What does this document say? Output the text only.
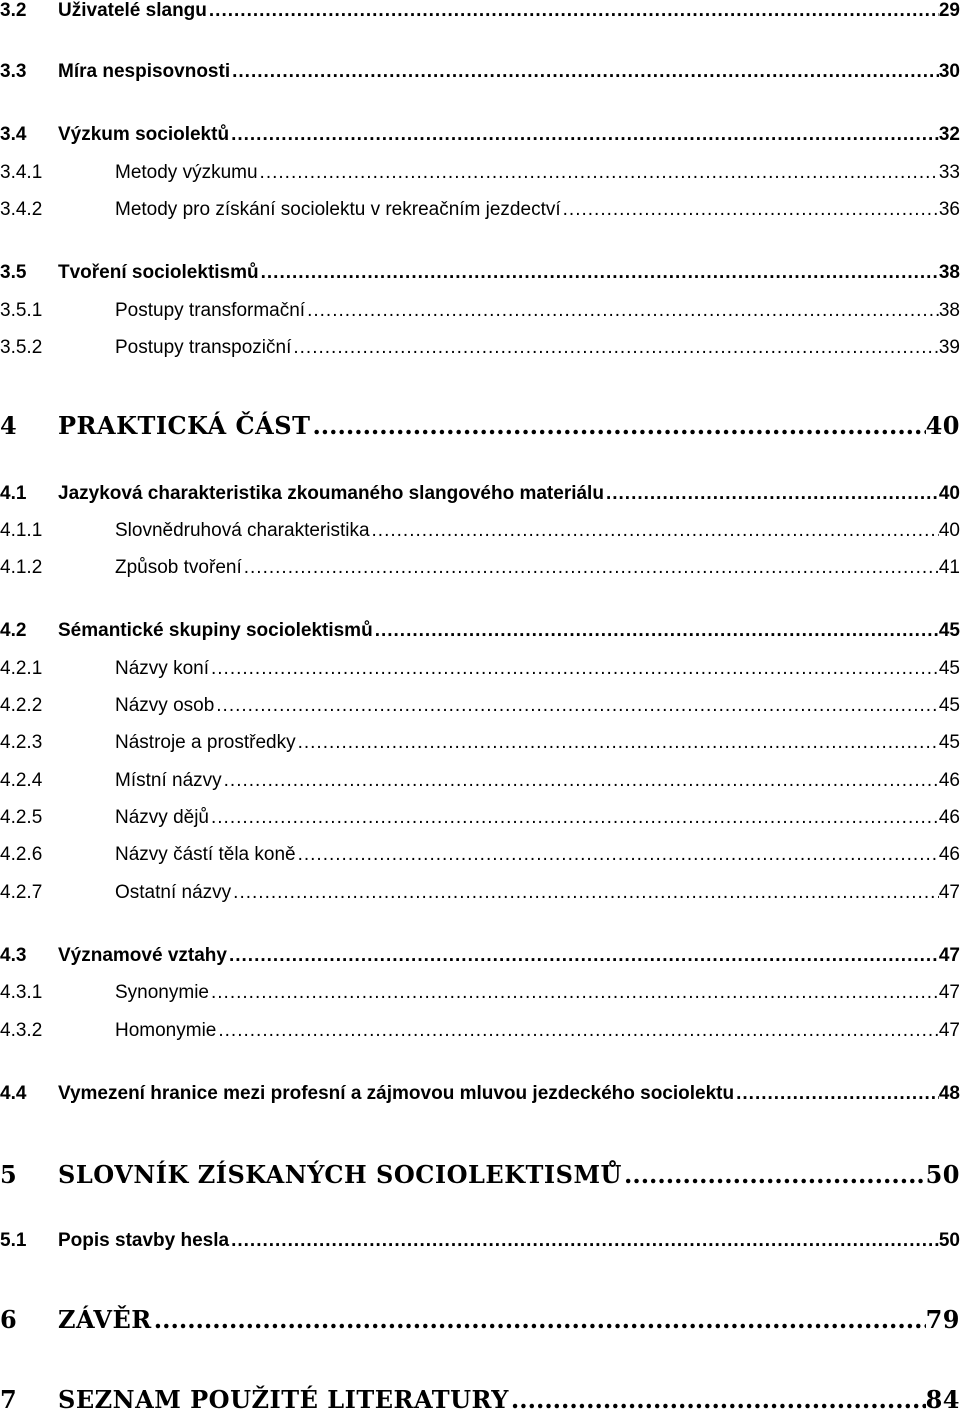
3.2	Uživatelé slangu .....	29
3.3	Míra nespisovnosti .....	30
3.4	Výzkum sociolektů .....	32
3.4.1	Metody výzkumu .....	33
3.4.2	Metody pro získání sociolektu v rekreačním jezdectví .....	36
3.5	Tvoření sociolektismů .....	38
3.5.1	Postupy transformační .....	38
3.5.2	Postupy transpoziční .....	39
4	PRAKTICKÁ ČÁST .....	40
4.1	Jazyková charakteristika zkoumaného slangového materiálu .....	40
4.1.1	Slovnědruhová charakteristika .....	40
4.1.2	Způsob tvoření .....	41
4.2	Sémantické skupiny sociolektismů .....	45
4.2.1	Názvy koní .....	45
4.2.2	Názvy osob .....	45
4.2.3	Nástroje a prostředky .....	45
4.2.4	Místní názvy .....	46
4.2.5	Názvy dějů .....	46
4.2.6	Názvy částí těla koně .....	46
4.2.7	Ostatní názvy .....	47
4.3	Významové vztahy .....	47
4.3.1	Synonymie .....	47
4.3.2	Homonymie .....	47
4.4	Vymezení hranice mezi profesní a zájmovou mluvou jezdeckého sociolektu .....	48
5	SLOVNÍK ZÍSKANÝCH SOCIOLEKTISMŮ .....	50
5.1	Popis stavby hesla .....	50
6	ZÁVĚR .....	79
7	SEZNAM POUŽITÉ LITERATURY .....	84
